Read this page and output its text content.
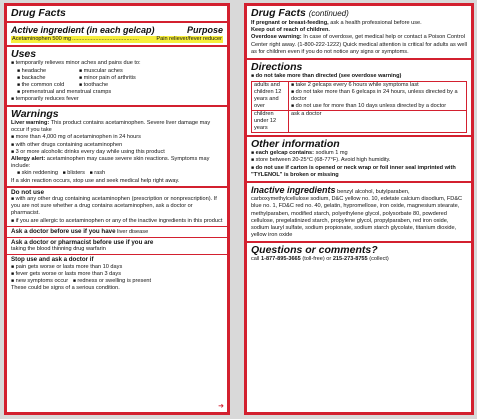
Drug Facts
Active ingredient (in each gelcap)	Purpose
Acetaminophen 500 mg ...........................................	Pain reliever/fever reducer
Uses
■ temporarily relieves minor aches and pains due to:
■ headache	■ muscular aches
■ backache	■ minor pain of arthritis
■ the common cold	■ toothache
■ premenstrual and menstrual cramps
■ temporarily reduces fever
Warnings
Liver warning: This product contains acetaminophen. Severe liver damage may occur if you take
■ more than 4,000 mg of acetaminophen in 24 hours
■ with other drugs containing acetaminophen
■ 3 or more alcoholic drinks every day while using this product
Allergy alert: acetaminophen may cause severe skin reactions. Symptoms may include:
■ skin reddening ■ blisters ■ rash
If a skin reaction occurs, stop use and seek medical help right away.
Do not use
■ with any other drug containing acetaminophen (prescription or nonprescription). If you are not sure whether a drug contains acetaminophen, ask a doctor or pharmacist.
■ if you are allergic to acetaminophen or any of the inactive ingredients in this product
Ask a doctor before use if you have liver disease
Ask a doctor or pharmacist before use if you are
taking the blood thinning drug warfarin
Stop use and ask a doctor if
■ pain gets worse or lasts more than 10 days
■ fever gets worse or lasts more than 3 days
■ new symptoms occur ■ redness or swelling is present
These could be signs of a serious condition.
➜
Drug Facts (continued)
If pregnant or breast-feeding, ask a health professional before use.
Keep out of reach of children.
Overdose warning: In case of overdose, get medical help or contact a Poison Control Center right away. (1-800-222-1222) Quick medical attention is critical for adults as well as for children even if you do not notice any signs or symptoms.
Directions
■ do not take more than directed (see overdose warning)
adults and children 12 years and over	■ take 2 gelcaps every 6 hours while symptoms last
■ do not take more than 6 gelcaps in 24 hours, unless directed by a doctor
■ do not use for more than 10 days unless directed by a doctor

children under 12 years	ask a doctor
Other information
■ each gelcap contains: sodium 1 mg
■ store between 20-25°C (68-77°F). Avoid high humidity.
■ do not use if carton is opened or neck wrap or foil inner seal imprinted with "TYLENOL" is broken or missing
Inactive ingredients benzyl alcohol, butylparaben, carboxymethylcellulose sodium, D&C yellow no. 10, edetate calcium disodium, FD&C blue no. 1, FD&C red no. 40, gelatin, hypromellose, iron oxide, magnesium stearate, methylparaben, modified starch, polyethylene glycol, polysorbate 80, powdered cellulose, pregelatinized starch, propylene glycol, propylparaben, red iron oxide, sodium lauryl sulfate, sodium propionate, sodium starch glycolate, titanium dioxide, yellow iron oxide
Questions or comments?
call 1-877-895-3665 (toll-free) or 215-273-8755 (collect)
